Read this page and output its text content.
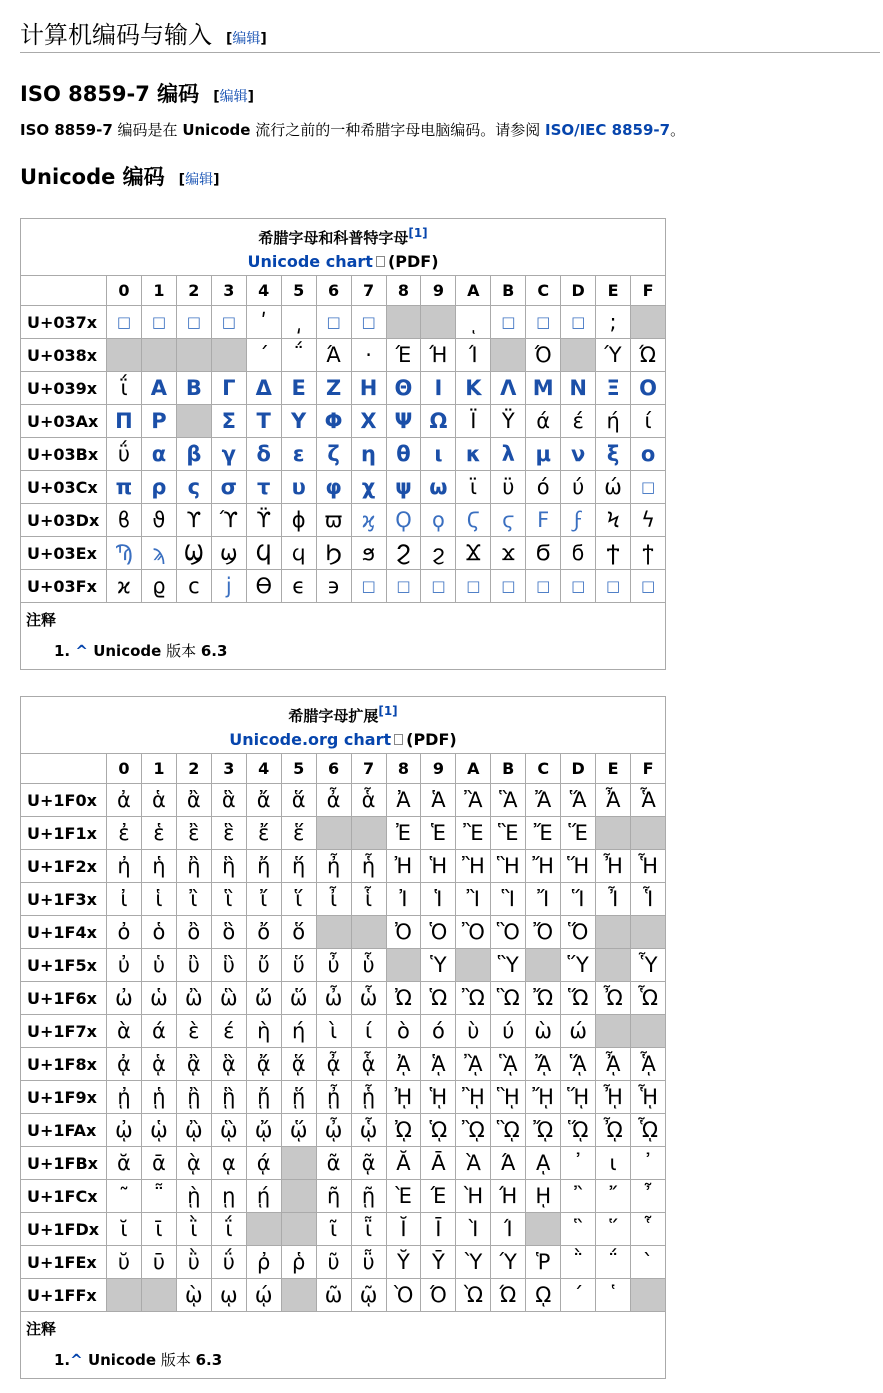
计算机编码与输入 [编辑]
ISO 8859-7 编码 [编辑]
ISO 8859-7 编码是在 Unicode 流行之前的一种希腊字母电脑编码。请参阅 ISO/IEC 8859-7。
Unicode 编码 [编辑]
希腊字母和科普特字母[1]
Unicode chart (PDF)																

	0	1	2	3	4	5	6	7	8	9	A	B	C	D	E	F
U+037x	□	□	□	□	ʹ	͵	□	□			ͺ	□	□	□	;	
U+038x					΄	΅	Ά	·	Έ	Ή	Ί		Ό		Ύ	Ώ
U+039x	ΐ	Α	Β	Γ	Δ	Ε	Ζ	Η	Θ	Ι	Κ	Λ	Μ	Ν	Ξ	Ο
U+03Ax	Π	Ρ		Σ	Τ	Υ	Φ	Χ	Ψ	Ω	Ϊ	Ϋ	ά	έ	ή	ί
U+03Bx	ΰ	α	β	γ	δ	ε	ζ	η	θ	ι	κ	λ	μ	ν	ξ	ο
U+03Cx	π	ρ	ς	σ	τ	υ	φ	χ	ψ	ω	ϊ	ϋ	ό	ύ	ώ	□
U+03Dx	ϐ	ϑ	ϒ	ϓ	ϔ	ϕ	ϖ	ϗ	Ϙ	ϙ	Ϛ	ϛ	Ϝ	ϝ	Ϟ	ϟ
U+03Ex	Ϡ	ϡ	Ϣ	ϣ	Ϥ	ϥ	Ϧ	ϧ	Ϩ	ϩ	Ϫ	ϫ	Ϭ	ϭ	Ϯ	ϯ
U+03Fx	ϰ	ϱ	ϲ	ϳ	ϴ	ϵ	϶	□	□	□	□	□	□	□	□	□

注释
1. ^ Unicode 版本 6.3																
希腊字母扩展[1]
Unicode.org chart (PDF)																

	0	1	2	3	4	5	6	7	8	9	A	B	C	D	E	F
U+1F0x	ἀ	ἁ	ἂ	ἃ	ἄ	ἅ	ἆ	ἇ	Ἀ	Ἁ	Ἂ	Ἃ	Ἄ	Ἅ	Ἆ	Ἇ
U+1F1x	ἐ	ἑ	ἒ	ἓ	ἔ	ἕ			Ἐ	Ἑ	Ἒ	Ἓ	Ἔ	Ἕ		
U+1F2x	ἠ	ἡ	ἢ	ἣ	ἤ	ἥ	ἦ	ἧ	Ἠ	Ἡ	Ἢ	Ἣ	Ἤ	Ἥ	Ἦ	Ἧ
U+1F3x	ἰ	ἱ	ἲ	ἳ	ἴ	ἵ	ἶ	ἷ	Ἰ	Ἱ	Ἲ	Ἳ	Ἴ	Ἵ	Ἶ	Ἷ
U+1F4x	ὀ	ὁ	ὂ	ὃ	ὄ	ὅ			Ὀ	Ὁ	Ὂ	Ὃ	Ὄ	Ὅ		
U+1F5x	ὐ	ὑ	ὒ	ὓ	ὔ	ὕ	ὖ	ὗ		Ὑ		Ὓ		Ὕ		Ὗ
U+1F6x	ὠ	ὡ	ὢ	ὣ	ὤ	ὥ	ὦ	ὧ	Ὠ	Ὡ	Ὢ	Ὣ	Ὤ	Ὥ	Ὦ	Ὧ
U+1F7x	ὰ	ά	ὲ	έ	ὴ	ή	ὶ	ί	ὸ	ό	ὺ	ύ	ὼ	ώ		
U+1F8x	ᾀ	ᾁ	ᾂ	ᾃ	ᾄ	ᾅ	ᾆ	ᾇ	ᾈ	ᾉ	ᾊ	ᾋ	ᾌ	ᾍ	ᾎ	ᾏ
U+1F9x	ᾐ	ᾑ	ᾒ	ᾓ	ᾔ	ᾕ	ᾖ	ᾗ	ᾘ	ᾙ	ᾚ	ᾛ	ᾜ	ᾝ	ᾞ	ᾟ
U+1FAx	ᾠ	ᾡ	ᾢ	ᾣ	ᾤ	ᾥ	ᾦ	ᾧ	ᾨ	ᾩ	ᾪ	ᾫ	ᾬ	ᾭ	ᾮ	ᾯ
U+1FBx	ᾰ	ᾱ	ᾲ	ᾳ	ᾴ		ᾶ	ᾷ	Ᾰ	Ᾱ	Ὰ	Ά	ᾼ	᾽	ι	᾿
U+1FCx	῀	῁	ῂ	ῃ	ῄ		ῆ	ῇ	Ὲ	Έ	Ὴ	Ή	ῌ	῍	῎	῏
U+1FDx	ῐ	ῑ	ῒ	ΐ			ῖ	ῗ	Ῐ	Ῑ	Ὶ	Ί		῝	῞	῟
U+1FEx	ῠ	ῡ	ῢ	ΰ	ῤ	ῥ	ῦ	ῧ	Ῠ	Ῡ	Ὺ	Ύ	Ῥ	῭	΅	`
U+1FFx			ῲ	ῳ	ῴ		ῶ	ῷ	Ὸ	Ό	Ὼ	Ώ	ῼ	´	῾	

注释
1.^ Unicode 版本 6.3																
